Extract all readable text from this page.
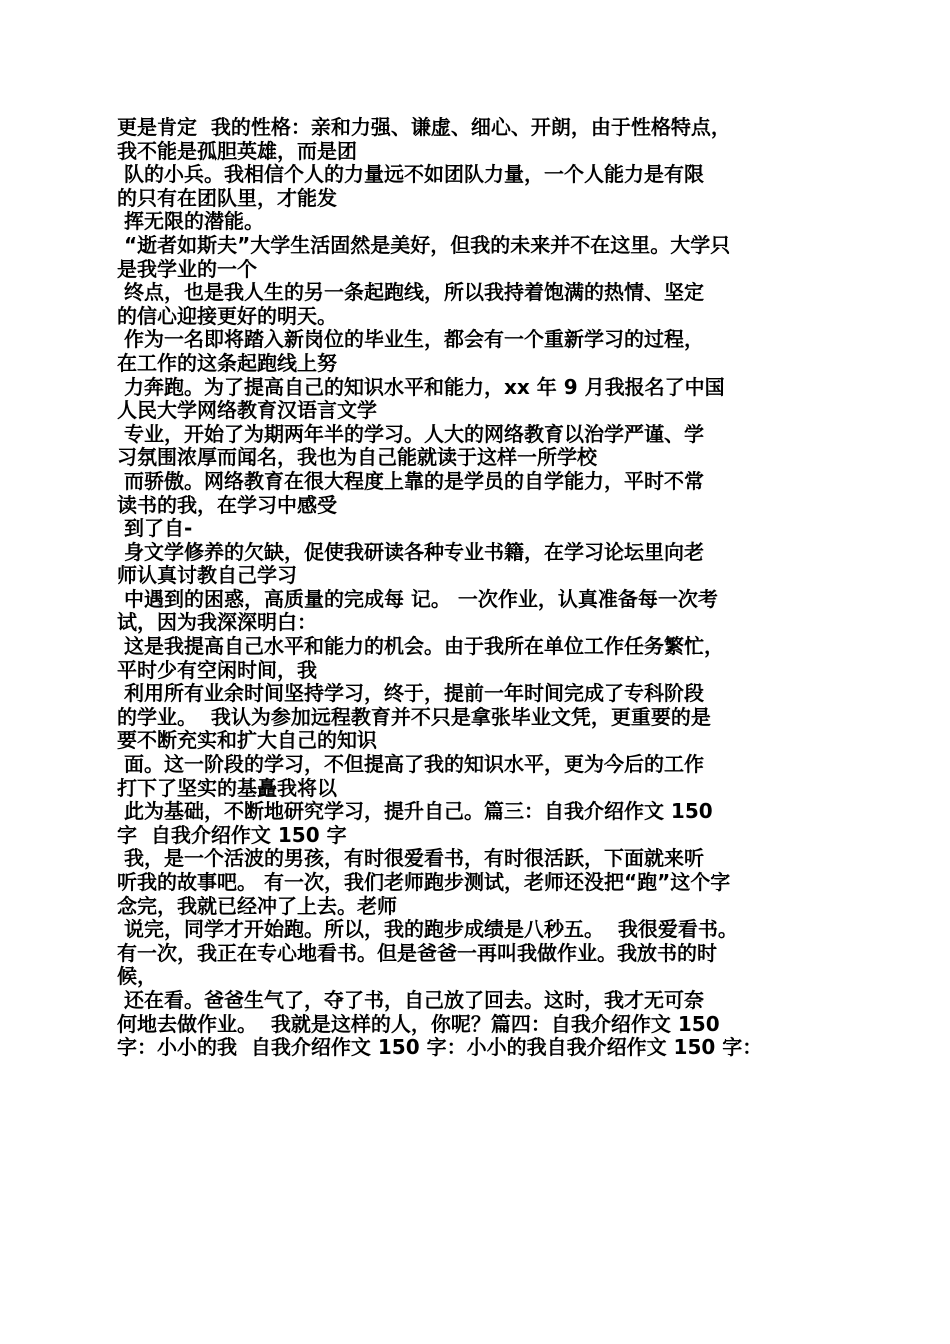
更是肯定  我的性格：亲和力强、谦虚、细心、开朗，由于性格特点，
我不能是孤胆英雄，而是团
队的小兵。我相信个人的力量远不如团队力量，一个人能力是有限
的只有在团队里，才能发
挥无限的潜能。
“逝者如斯夫”大学生活固然是美好，但我的未来并不在这里。大学只
是我学业的一个
终点，也是我人生的另一条起跑线，所以我持着饱满的热情、坚定
的信心迎接更好的明天。
作为一名即将踏入新岗位的毕业生，都会有一个重新学习的过程，
在工作的这条起跑线上努
力奔跑。为了提高自己的知识水平和能力，xx 年 9 月我报名了中国
人民大学网络教育汉语言文学
专业，开始了为期两年半的学习。人大的网络教育以治学严谨、学
习氛围浓厚而闻名，我也为自己能就读于这样一所学校
而骄傲。网络教育在很大程度上靠的是学员的自学能力，平时不常
读书的我，在学习中感受
到了自-
身文学修养的欠缺，促使我研读各种专业书籍，在学习论坛里向老
师认真讨教自己学习
中遇到的困惑，高质量的完成每 记。 一次作业，认真准备每一次考
试，因为我深深明白：
这是我提高自己水平和能力的机会。由于我所在单位工作任务繁忙，
平时少有空闲时间，我
利用所有业余时间坚持学习，终于，提前一年时间完成了专科阶段
的学业。  我认为参加远程教育并不只是拿张毕业文凭，更重要的是
要不断充实和扩大自己的知识
面。这一阶段的学习，不但提高了我的知识水平，更为今后的工作
打下了坚实的基矗我将以
此为基础，不断地研究学习，提升自己。篇三：自我介绍作文 150
字  自我介绍作文 150 字
我，是一个活波的男孩，有时很爱看书，有时很活跃，下面就来听
听我的故事吧。 有一次，我们老师跑步测试，老师还没把“跑”这个字
念完，我就已经冲了上去。老师
说完，同学才开始跑。所以，我的跑步成绩是八秒五。  我很爱看书。
有一次，我正在专心地看书。但是爸爸一再叫我做作业。我放书的时
候，
还在看。爸爸生气了，夺了书，自己放了回去。这时，我才无可奈
何地去做作业。  我就是这样的人，你呢？篇四：自我介绍作文 150
字：小小的我  自我介绍作文 150 字：小小的我自我介绍作文 150 字：
